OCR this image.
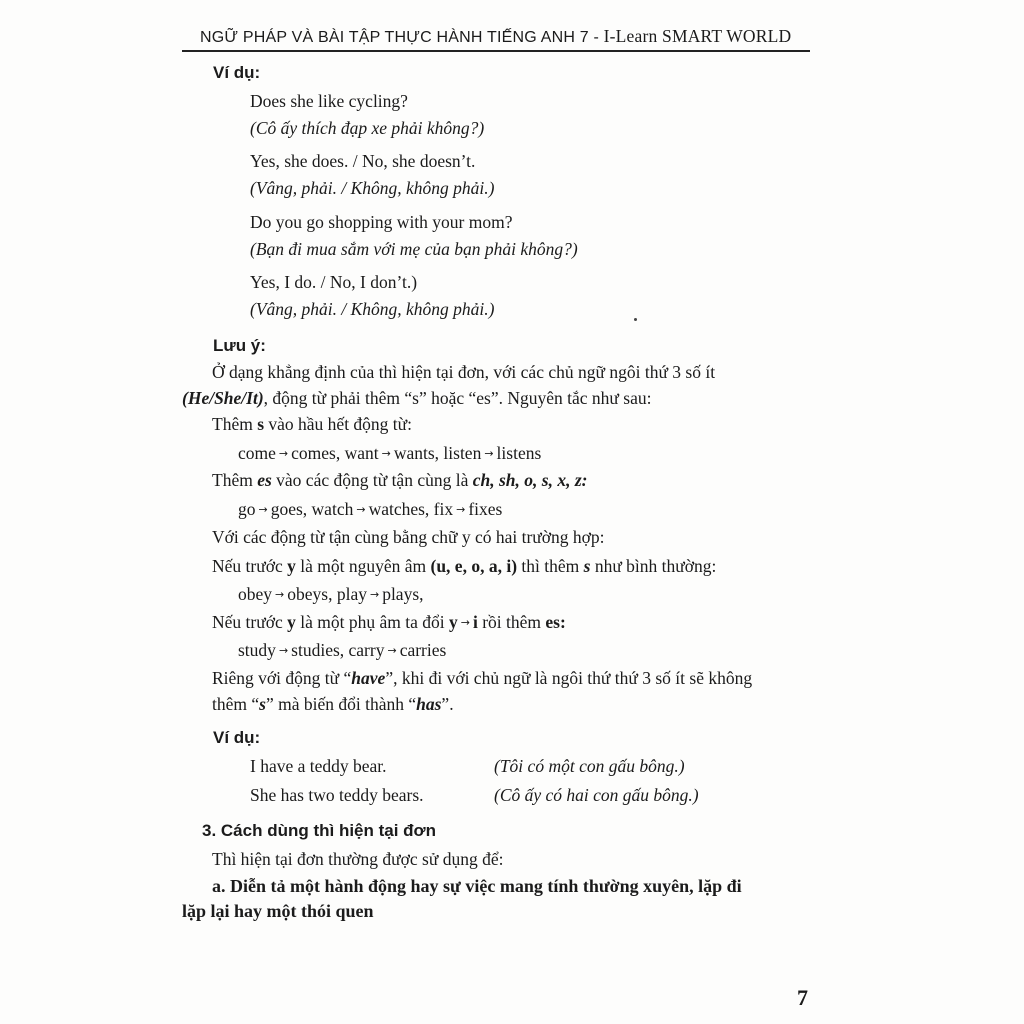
NGỮ PHÁP VÀ BÀI TẬP THỰC HÀNH TIẾNG ANH 7 - I-Learn SMART WORLD
Ví dụ:
Does she like cycling?
(Cô ấy thích đạp xe phải không?)
Yes, she does. / No, she doesn’t.
(Vâng, phải. / Không, không phải.)
Do you go shopping with your mom?
(Bạn đi mua sắm với mẹ của bạn phải không?)
Yes, I do. / No, I don’t.)
(Vâng, phải. / Không, không phải.)
Lưu ý:
Ở dạng khẳng định của thì hiện tại đơn, với các chủ ngữ ngôi thứ 3 số ít
(He/She/It), động từ phải thêm “s” hoặc “es”. Nguyên tắc như sau:
Thêm s vào hầu hết động từ:
come → comes, want → wants, listen → listens
Thêm es vào các động từ tận cùng là ch, sh, o, s, x, z:
go → goes, watch → watches, fix → fixes
Với các động từ tận cùng bằng chữ y có hai trường hợp:
Nếu trước y là một nguyên âm (u, e, o, a, i) thì thêm s như bình thường:
obey → obeys, play → plays,
Nếu trước y là một phụ âm ta đổi y → i rồi thêm es:
study → studies, carry → carries
Riêng với động từ “have”, khi đi với chủ ngữ là ngôi thứ thứ 3 số ít sẽ không
thêm “s” mà biến đổi thành “has”.
Ví dụ:
I have a teddy bear.	(Tôi có một con gấu bông.)
She has two teddy bears.	(Cô ấy có hai con gấu bông.)
3. Cách dùng thì hiện tại đơn
Thì hiện tại đơn thường được sử dụng để:
a. Diễn tả một hành động hay sự việc mang tính thường xuyên, lặp đi
lặp lại hay một thói quen
7
